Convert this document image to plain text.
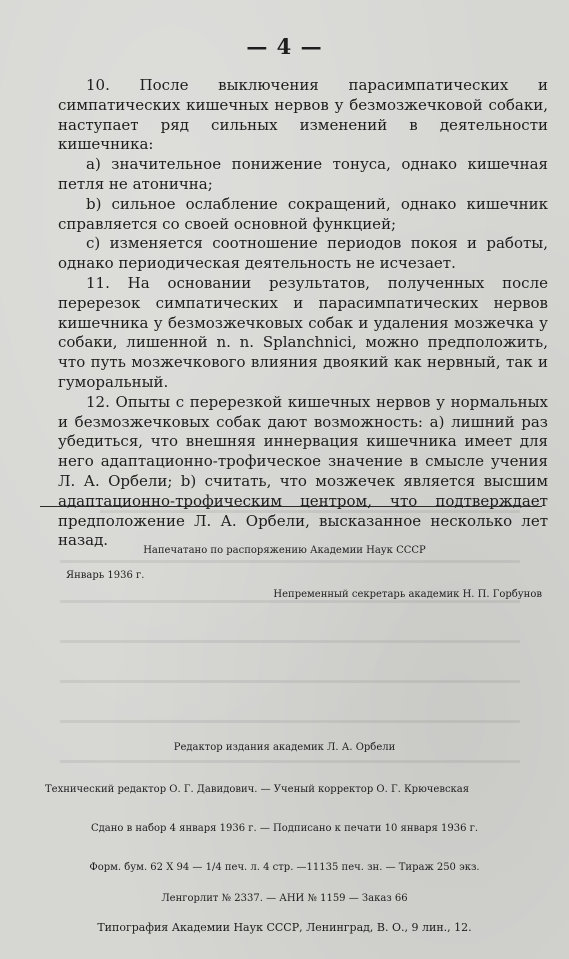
— 4 —

10. После выключения парасимпатических и симпатических кишечных нервов у безмозжечковой собаки, наступает ряд сильных изменений в деятельности кишечника:

a) значительное понижение тонуса, однако кишечная петля не атонична;

b) сильное ослабление сокращений, однако кишечник справляется со своей основной функцией;

c) изменяется соотношение периодов покоя и работы, однако периодическая деятельность не исчезает.

11. На основании результатов, полученных после перерезок симпатических и парасимпатических нервов кишечника у безмозжечковых собак и удаления мозжечка у собаки, лишенной n. n. Splanchnici, можно предположить, что путь мозжечкового влияния двоякий как нервный, так и гуморальный.

12. Опыты с перерезкой кишечных нервов у нормальных и безмозжечковых собак дают возможность: a) лишний раз убедиться, что внешняя иннервация кишечника имеет для него адаптационно-трофическое значение в смысле учения Л. А. Орбели; b) считать, что мозжечек является высшим адаптационно-трофическим центром, что подтверждает предположение Л. А. Орбели, высказанное несколько лет назад.

Напечатано по распоряжению Академии Наук СССР
Январь 1936 г.
Непременный секретарь академик Н. П. Горбунов
Редактор издания академик Л. А. Орбели
Технический редактор О. Г. Давидович. — Ученый корректор О. Г. Крючевская
Сдано в набор 4 января 1936 г. — Подписано к печати 10 января 1936 г.
Форм. бум. 62 Х 94 — 1/4 печ. л. 4 стр. —11135 печ. зн. — Тираж 250 экз.
Ленгорлит № 2337. — АНИ № 1159 — Заказ 66
Типография Академии Наук СССР, Ленинград, В. О., 9 лин., 12.
